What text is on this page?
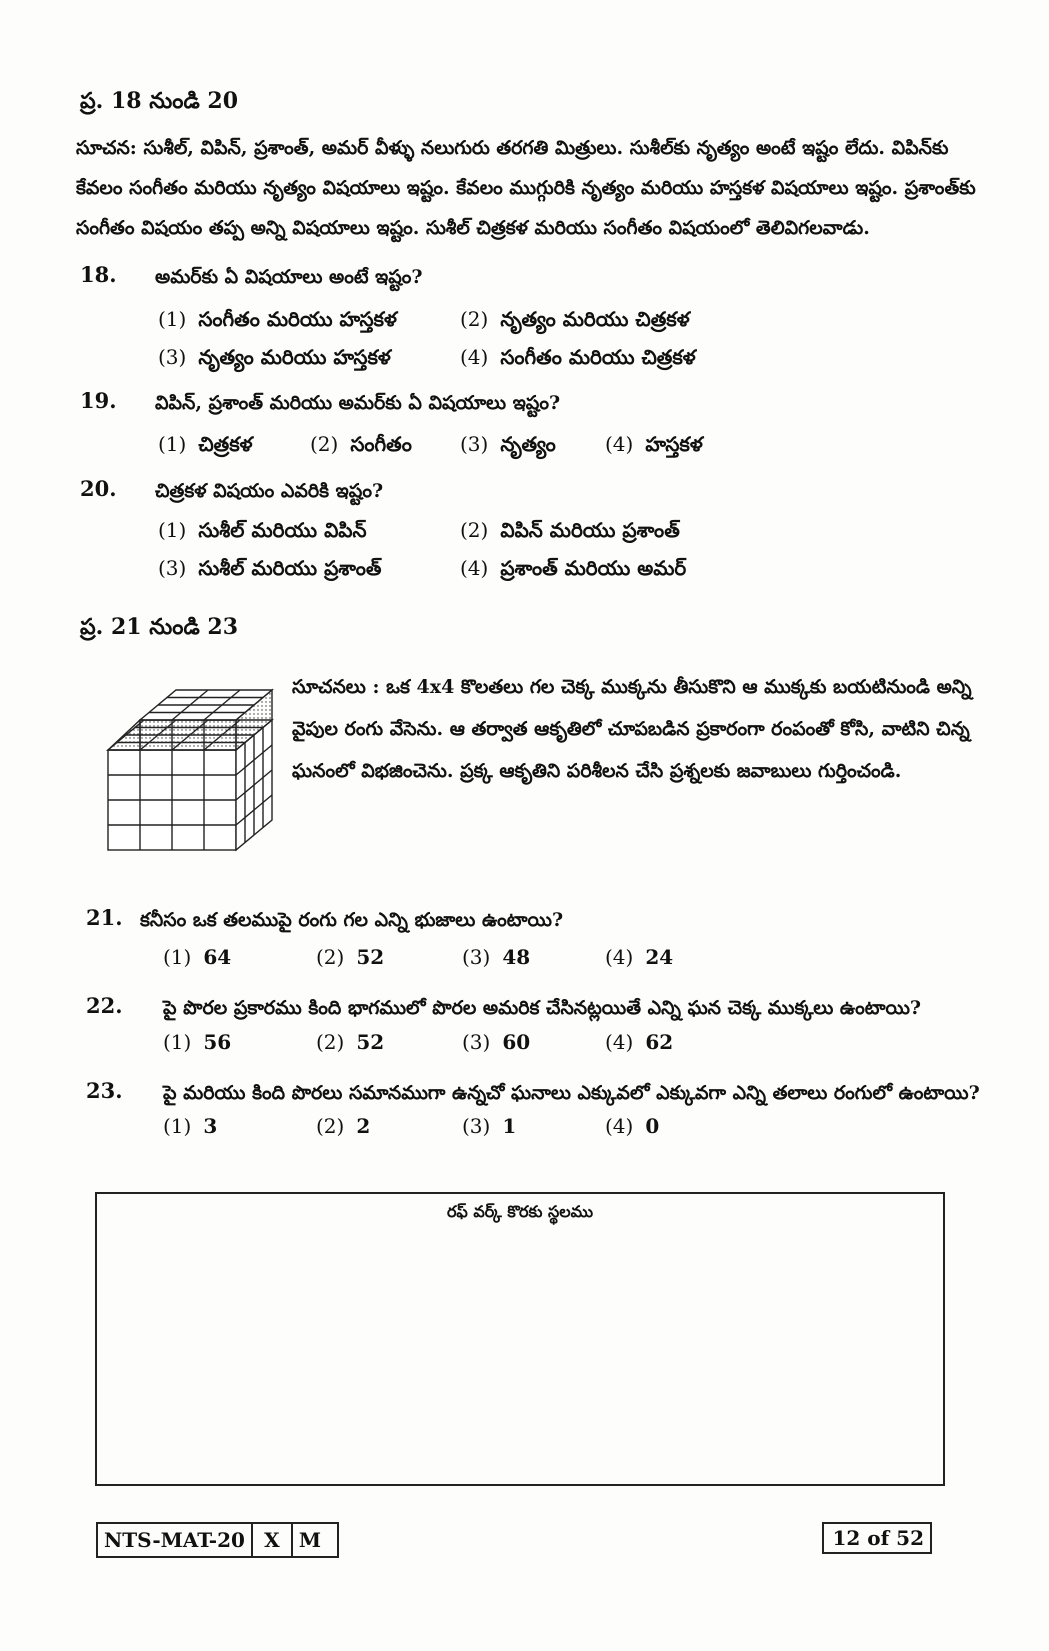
ప్ర. 18 నుండి 20
సూచన: సుశీల్, విపిన్, ప్రశాంత్, అమర్ వీళ్ళు నలుగురు తరగతి మిత్రులు. సుశీల్‌కు నృత్యం అంటే ఇష్టం లేదు. విపిన్‌కు కేవలం సంగీతం మరియు నృత్యం విషయాలు ఇష్టం. కేవలం ముగ్గురికి నృత్యం మరియు హస్తకళ విషయాలు ఇష్టం. ప్రశాంత్‌కు సంగీతం విషయం తప్ప అన్ని విషయాలు ఇష్టం. సుశీల్ చిత్రకళ మరియు సంగీతం విషయంలో తెలివిగలవాడు.
18. అమర్‌కు ఏ విషయాలు అంటే ఇష్టం?
(1) సంగీతం మరియు హస్తకళ	(2) నృత్యం మరియు చిత్రకళ
(3) నృత్యం మరియు హస్తకళ	(4) సంగీతం మరియు చిత్రకళ
19. విపిన్, ప్రశాంత్ మరియు అమర్‌కు ఏ విషయాలు ఇష్టం?
(1) చిత్రకళ	(2) సంగీతం (3) నృత్యం (4) హస్తకళ
20. చిత్రకళ విషయం ఎవరికి ఇష్టం?
(1) సుశీల్ మరియు విపిన్	(2) విపిన్ మరియు ప్రశాంత్
(3) సుశీల్ మరియు ప్రశాంత్	(4) ప్రశాంత్ మరియు అమర్
ప్ర. 21 నుండి 23
సూచనలు : ఒక 4x4 కొలతలు గల చెక్క ముక్కను తీసుకొని ఆ ముక్కకు బయటినుండి అన్ని వైపుల రంగు వేసెను. ఆ తర్వాత ఆకృతిలో చూపబడిన ప్రకారంగా రంపంతో కోసి, వాటిని చిన్న ఘనంలో విభజించెను. ప్రక్క ఆకృతిని పరిశీలన చేసి ప్రశ్నలకు జవాబులు గుర్తించండి.
21. కనీసం ఒక తలముపై రంగు గల ఎన్ని భుజాలు ఉంటాయి?
(1) 64	(2) 52	(3) 48	(4) 24
22. పై పొరల ప్రకారము కింది భాగములో పొరల అమరిక చేసినట్లయితే ఎన్ని ఘన చెక్క ముక్కలు ఉంటాయి?
(1) 56	(2) 52	(3) 60	(4) 62
23. పై మరియు కింది పొరలు సమానముగా ఉన్నచో ఘనాలు ఎక్కువలో ఎక్కువగా ఎన్ని తలాలు రంగులో ఉంటాయి?
(1) 3	(2) 2	(3) 1	(4) 0
రఫ్ వర్క్ కొరకు స్థలము
NTS-MAT-20 X M	12 of 52
